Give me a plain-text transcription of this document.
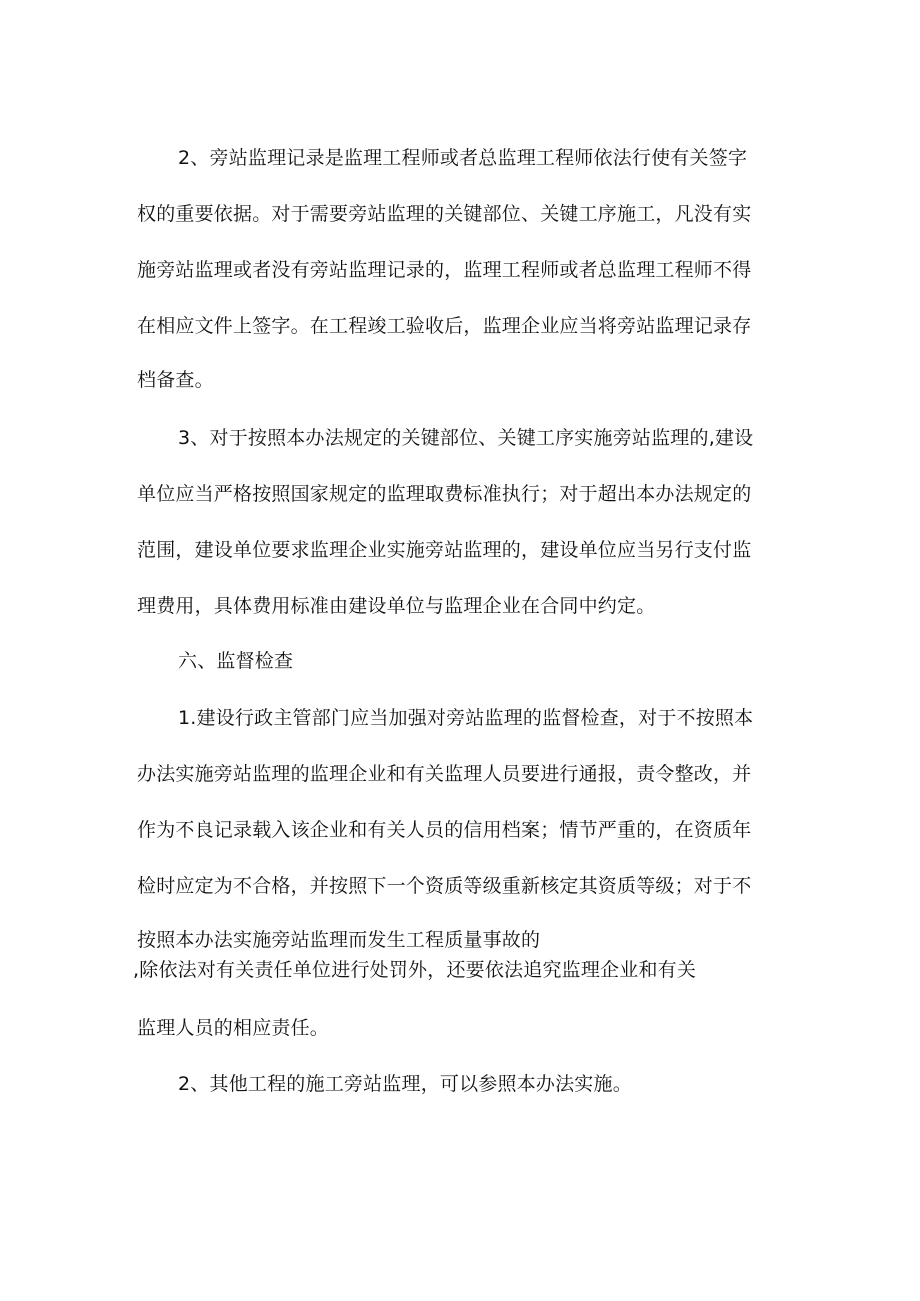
2、旁站监理记录是监理工程师或者总监理工程师依法行使有关签字
权的重要依据。对于需要旁站监理的关键部位、关键工序施工，凡没有实
施旁站监理或者没有旁站监理记录的，监理工程师或者总监理工程师不得
在相应文件上签字。在工程竣工验收后，监理企业应当将旁站监理记录存
档备查。
3、对于按照本办法规定的关键部位、关键工序实施旁站监理的,建设
单位应当严格按照国家规定的监理取费标准执行；对于超出本办法规定的
范围，建设单位要求监理企业实施旁站监理的，建设单位应当另行支付监
理费用，具体费用标准由建设单位与监理企业在合同中约定。
六、监督检查
1.建设行政主管部门应当加强对旁站监理的监督检查，对于不按照本
办法实施旁站监理的监理企业和有关监理人员要进行通报，责令整改，并
作为不良记录载入该企业和有关人员的信用档案；情节严重的，在资质年
检时应定为不合格，并按照下一个资质等级重新核定其资质等级；对于不
按照本办法实施旁站监理而发生工程质量事故的
,除依法对有关责任单位进行处罚外，还要依法追究监理企业和有关
监理人员的相应责任。
2、其他工程的施工旁站监理，可以参照本办法实施。
